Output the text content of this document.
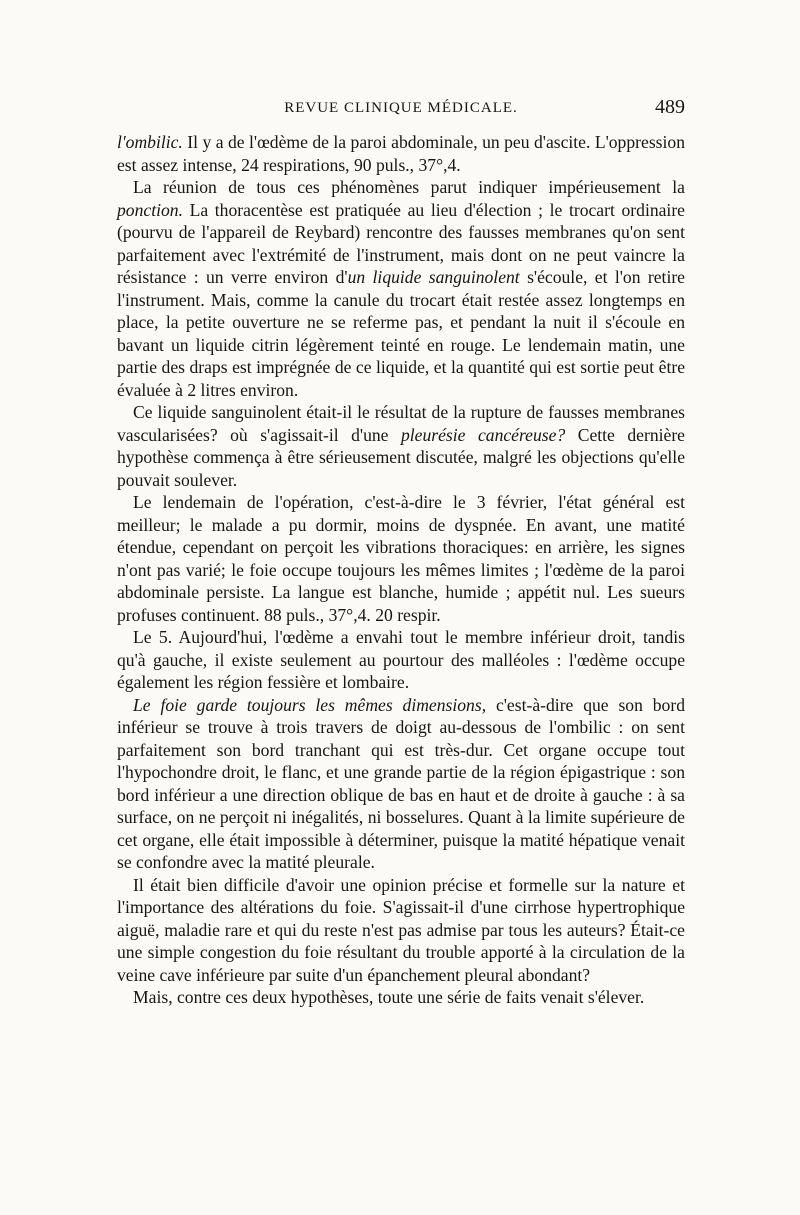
REVUE CLINIQUE MÉDICALE.	489

l'ombilic. Il y a de l'œdème de la paroi abdominale, un peu d'ascite. L'oppression est assez intense, 24 respirations, 90 puls., 37°,4.

La réunion de tous ces phénomènes parut indiquer impérieusement la ponction. La thoracentèse est pratiquée au lieu d'élection ; le trocart ordinaire (pourvu de l'appareil de Reybard) rencontre des fausses membranes qu'on sent parfaitement avec l'extrémité de l'instrument, mais dont on ne peut vaincre la résistance : un verre environ d'un liquide sanguinolent s'écoule, et l'on retire l'instrument. Mais, comme la canule du trocart était restée assez longtemps en place, la petite ouverture ne se referme pas, et pendant la nuit il s'écoule en bavant un liquide citrin légèrement teinté en rouge. Le lendemain matin, une partie des draps est imprégnée de ce liquide, et la quantité qui est sortie peut être évaluée à 2 litres environ.

Ce liquide sanguinolent était-il le résultat de la rupture de fausses membranes vascularisées? où s'agissait-il d'une pleurésie cancéreuse? Cette dernière hypothèse commença à être sérieusement discutée, malgré les objections qu'elle pouvait soulever.

Le lendemain de l'opération, c'est-à-dire le 3 février, l'état général est meilleur; le malade a pu dormir, moins de dyspnée. En avant, une matité étendue, cependant on perçoit les vibrations thoraciques: en arrière, les signes n'ont pas varié; le foie occupe toujours les mêmes limites ; l'œdème de la paroi abdominale persiste. La langue est blanche, humide ; appétit nul. Les sueurs profuses continuent. 88 puls., 37°,4. 20 respir.

Le 5. Aujourd'hui, l'œdème a envahi tout le membre inférieur droit, tandis qu'à gauche, il existe seulement au pourtour des malléoles : l'œdème occupe également les région fessière et lombaire.

Le foie garde toujours les mêmes dimensions, c'est-à-dire que son bord inférieur se trouve à trois travers de doigt au-dessous de l'ombilic : on sent parfaitement son bord tranchant qui est très-dur. Cet organe occupe tout l'hypochondre droit, le flanc, et une grande partie de la région épigastrique : son bord inférieur a une direction oblique de bas en haut et de droite à gauche : à sa surface, on ne perçoit ni inégalités, ni bosselures. Quant à la limite supérieure de cet organe, elle était impossible à déterminer, puisque la matité hépatique venait se confondre avec la matité pleurale.

Il était bien difficile d'avoir une opinion précise et formelle sur la nature et l'importance des altérations du foie. S'agissait-il d'une cirrhose hypertrophique aiguë, maladie rare et qui du reste n'est pas admise par tous les auteurs? Était-ce une simple congestion du foie résultant du trouble apporté à la circulation de la veine cave inférieure par suite d'un épanchement pleural abondant?

Mais, contre ces deux hypothèses, toute une série de faits venait s'élever.
